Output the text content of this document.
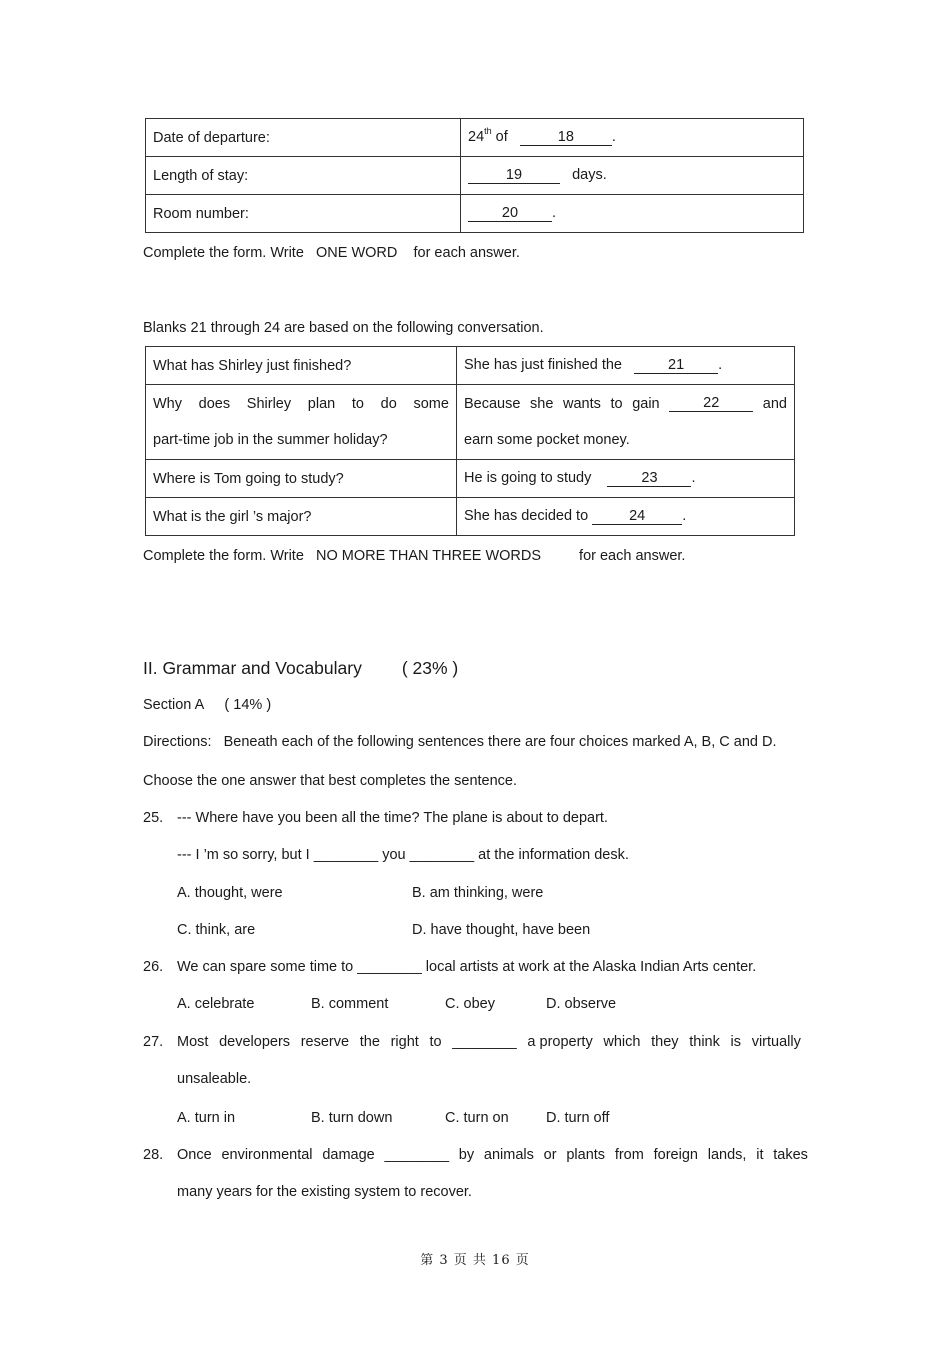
Date of departure:	24th of 18 .
Length of stay:	19 days.
Room number:	20 .
Complete the form. Write ONE WORD for each answer.
Blanks 21 through 24 are based on the following conversation.
What has Shirley just finished?	She has just finished the 21 .

Why does Shirley plan to do some
part-time job in the summer holiday?

Because she wants to gain	22	and
earn some pocket money.

Where is Tom going to study?	He is going to study 23 .
What is the girl ’s major?	She has decided to 24 .
Complete the form. Write NO MORE THAN THREE WORDS	for each answer.
II. Grammar and Vocabulary ( 23% )
Section A ( 14% )
Directions:   Beneath each of the following sentences there are four choices marked A, B, C and D.
Choose the one answer that best completes the sentence.
25. --- Where have you been all the time? The plane is about to depart.
--- I ’m so sorry, but I ________ you ________ at the information desk.
A. thought, were	B. am thinking, were
C. think, are	D. have thought, have been
26. We can spare some time to ________ local artists at work at the Alaska Indian Arts center.
A. celebrate	B. comment	C. obey	D. observe
27. Most developers reserve the right to ________ a property which they think is virtually
unsaleable.
A. turn in	B. turn down	C. turn on	D. turn off
28. Once environmental damage ________ by animals or plants from foreign lands, it takes
many years for the existing system to recover.
第 3 页 共 16 页
